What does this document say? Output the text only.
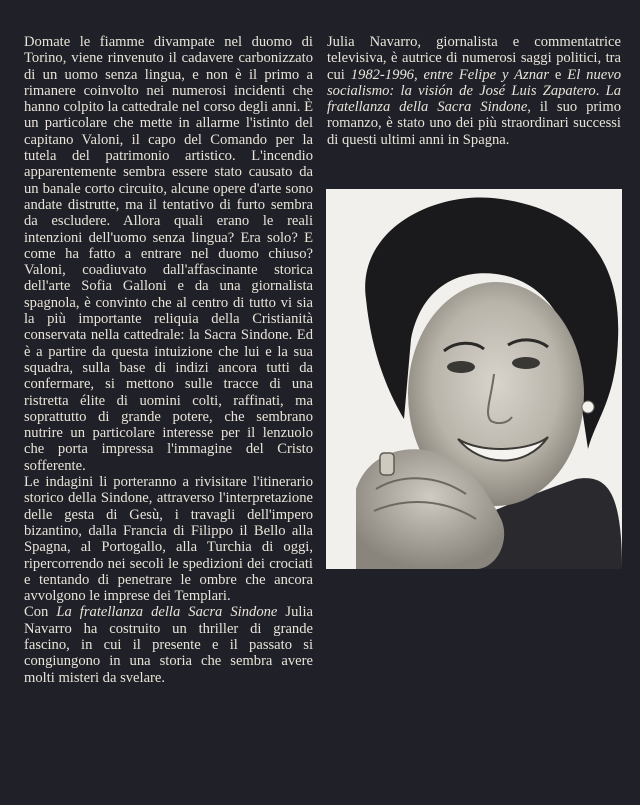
Domate le fiamme divampate nel duomo di Torino, viene rinvenuto il cadavere carbonizzato di un uomo senza lingua, e non è il primo a rimanere coinvolto nei numerosi incidenti che hanno colpito la cattedrale nel corso degli anni. È un particolare che mette in allarme l'istinto del capitano Valoni, il capo del Comando per la tutela del patrimonio artistico. L'incendio apparentemente sembra essere stato causato da un banale corto circuito, alcune opere d'arte sono andate distrutte, ma il tentativo di furto sembra da escludere. Allora quali erano le reali intenzioni dell'uomo senza lingua? Era solo? E come ha fatto a entrare nel duomo chiuso? Valoni, coadiuvato dall'affascinante storica dell'arte Sofia Galloni e da una giornalista spagnola, è convinto che al centro di tutto vi sia la più importante reliquia della Cristianità conservata nella cattedrale: la Sacra Sindone. Ed è a partire da questa intuizione che lui e la sua squadra, sulla base di indizi ancora tutti da confermare, si mettono sulle tracce di una ristretta élite di uomini colti, raffinati, ma soprattutto di grande potere, che sembrano nutrire un particolare interesse per il lenzuolo che porta impressa l'immagine del Cristo sofferente.

Le indagini li porteranno a rivisitare l'itinerario storico della Sindone, attraverso l'interpretazione delle gesta di Gesù, i travagli dell'impero bizantino, dalla Francia di Filippo il Bello alla Spagna, al Portogallo, alla Turchia di oggi, ripercorrendo nei secoli le spedizioni dei crociati e tentando di penetrare le ombre che ancora avvolgono le imprese dei Templari.

Con La fratellanza della Sacra Sindone Julia Navarro ha costruito un thriller di grande fascino, in cui il presente e il passato si congiungono in una storia che sembra avere molti misteri da svelare.

Julia Navarro, giornalista e commentatrice televisiva, è autrice di numerosi saggi politici, tra cui 1982-1996, entre Felipe y Aznar e El nuevo socialismo: la visión de José Luis Zapatero. La fratellanza della Sacra Sindone, il suo primo romanzo, è stato uno dei più straordinari successi di questi ultimi anni in Spagna.

foto © J. Manuel Fernández
